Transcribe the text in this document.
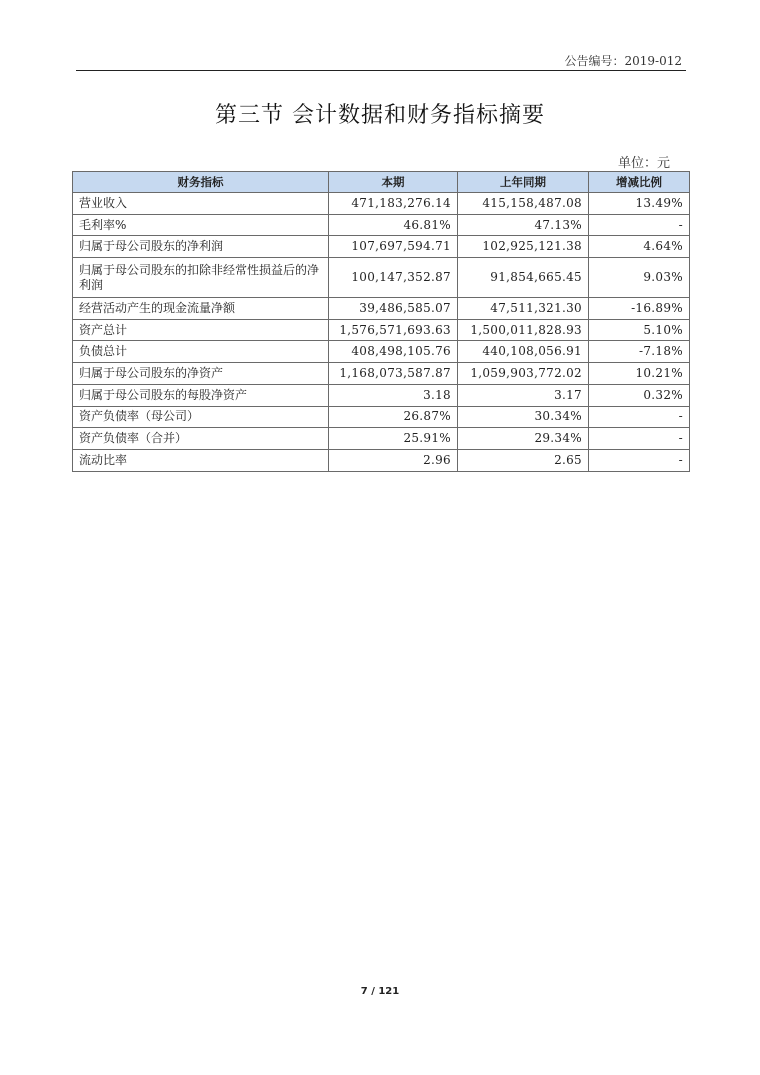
公告编号：2019-012
第三节 会计数据和财务指标摘要
单位：元
财务指标	本期	上年同期	增减比例
营业收入	471,183,276.14	415,158,487.08	13.49%
毛利率%	46.81%	47.13%	-
归属于母公司股东的净利润	107,697,594.71	102,925,121.38	4.64%
归属于母公司股东的扣除非经常性损益后的净利润	100,147,352.87	91,854,665.45	9.03%
经营活动产生的现金流量净额	39,486,585.07	47,511,321.30	-16.89%
资产总计	1,576,571,693.63	1,500,011,828.93	5.10%
负债总计	408,498,105.76	440,108,056.91	-7.18%
归属于母公司股东的净资产	1,168,073,587.87	1,059,903,772.02	10.21%
归属于母公司股东的每股净资产	3.18	3.17	0.32%
资产负债率（母公司）	26.87%	30.34%	-
资产负债率（合并）	25.91%	29.34%	-
流动比率	2.96	2.65	-
7 / 121
